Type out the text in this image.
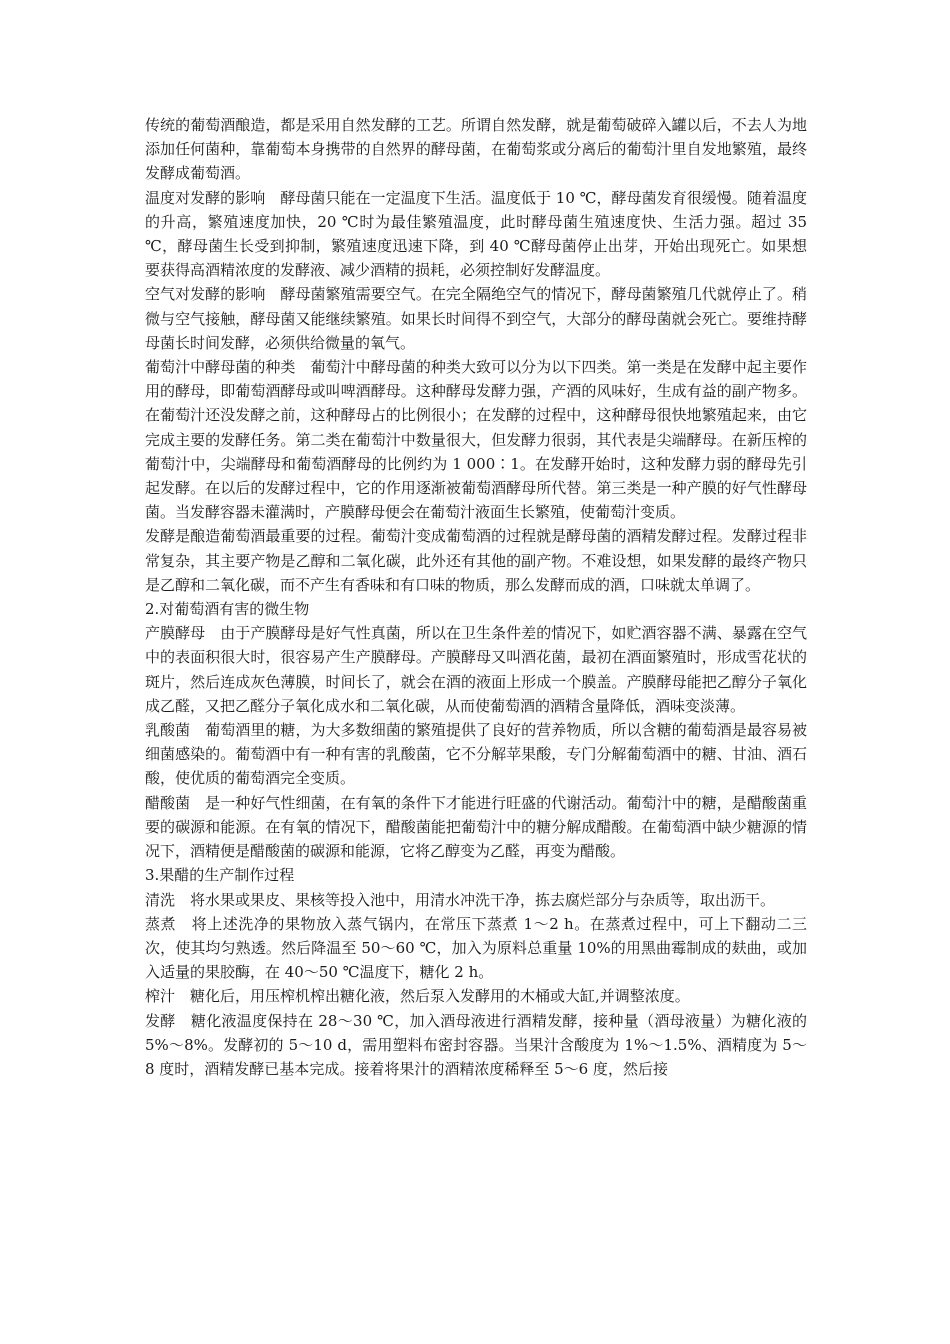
传统的葡萄酒酿造，都是采用自然发酵的工艺。所谓自然发酵，就是葡萄破碎入罐以后，不去人为地添加任何菌种，靠葡萄本身携带的自然界的酵母菌，在葡萄浆或分离后的葡萄汁里自发地繁殖，最终发酵成葡萄酒。

温度对发酵的影响　酵母菌只能在一定温度下生活。温度低于 10 ℃，酵母菌发育很缓慢。随着温度的升高，繁殖速度加快，20 ℃时为最佳繁殖温度，此时酵母菌生殖速度快、生活力强。超过 35 ℃，酵母菌生长受到抑制，繁殖速度迅速下降，到 40 ℃酵母菌停止出芽，开始出现死亡。如果想要获得高酒精浓度的发酵液、减少酒精的损耗，必须控制好发酵温度。

空气对发酵的影响　酵母菌繁殖需要空气。在完全隔绝空气的情况下，酵母菌繁殖几代就停止了。稍微与空气接触，酵母菌又能继续繁殖。如果长时间得不到空气，大部分的酵母菌就会死亡。要维持酵母菌长时间发酵，必须供给微量的氧气。

葡萄汁中酵母菌的种类　葡萄汁中酵母菌的种类大致可以分为以下四类。第一类是在发酵中起主要作用的酵母，即葡萄酒酵母或叫啤酒酵母。这种酵母发酵力强，产酒的风味好，生成有益的副产物多。在葡萄汁还没发酵之前，这种酵母占的比例很小；在发酵的过程中，这种酵母很快地繁殖起来，由它完成主要的发酵任务。第二类在葡萄汁中数量很大，但发酵力很弱，其代表是尖端酵母。在新压榨的葡萄汁中，尖端酵母和葡萄酒酵母的比例约为 1 000∶1。在发酵开始时，这种发酵力弱的酵母先引起发酵。在以后的发酵过程中，它的作用逐渐被葡萄酒酵母所代替。第三类是一种产膜的好气性酵母菌。当发酵容器未灌满时，产膜酵母便会在葡萄汁液面生长繁殖，使葡萄汁变质。

发酵是酿造葡萄酒最重要的过程。葡萄汁变成葡萄酒的过程就是酵母菌的酒精发酵过程。发酵过程非常复杂，其主要产物是乙醇和二氧化碳，此外还有其他的副产物。不难设想，如果发酵的最终产物只是乙醇和二氧化碳，而不产生有香味和有口味的物质，那么发酵而成的酒，口味就太单调了。

2.对葡萄酒有害的微生物

产膜酵母　由于产膜酵母是好气性真菌，所以在卫生条件差的情况下，如贮酒容器不满、暴露在空气中的表面积很大时，很容易产生产膜酵母。产膜酵母又叫酒花菌，最初在酒面繁殖时，形成雪花状的斑片，然后连成灰色薄膜，时间长了，就会在酒的液面上形成一个膜盖。产膜酵母能把乙醇分子氧化成乙醛，又把乙醛分子氧化成水和二氧化碳，从而使葡萄酒的酒精含量降低，酒味变淡薄。

乳酸菌　葡萄酒里的糖，为大多数细菌的繁殖提供了良好的营养物质，所以含糖的葡萄酒是最容易被细菌感染的。葡萄酒中有一种有害的乳酸菌，它不分解苹果酸，专门分解葡萄酒中的糖、甘油、酒石酸，使优质的葡萄酒完全变质。

醋酸菌　是一种好气性细菌，在有氧的条件下才能进行旺盛的代谢活动。葡萄汁中的糖，是醋酸菌重要的碳源和能源。在有氧的情况下，醋酸菌能把葡萄汁中的糖分解成醋酸。在葡萄酒中缺少糖源的情况下，酒精便是醋酸菌的碳源和能源，它将乙醇变为乙醛，再变为醋酸。

3.果醋的生产制作过程

清洗　将水果或果皮、果核等投入池中，用清水冲洗干净，拣去腐烂部分与杂质等，取出沥干。

蒸煮　将上述洗净的果物放入蒸气锅内，在常压下蒸煮 1～2 h。在蒸煮过程中，可上下翻动二三次，使其均匀熟透。然后降温至 50～60 ℃，加入为原料总重量 10%的用黑曲霉制成的麸曲，或加入适量的果胶酶，在 40～50 ℃温度下，糖化 2 h。

榨汁　糖化后，用压榨机榨出糖化液，然后泵入发酵用的木桶或大缸,并调整浓度。

发酵　糖化液温度保持在 28～30 ℃，加入酒母液进行酒精发酵，接种量（酒母液量）为糖化液的 5%～8%。发酵初的 5～10 d，需用塑料布密封容器。当果汁含酸度为 1%～1.5%、酒精度为 5～8 度时，酒精发酵已基本完成。接着将果汁的酒精浓度稀释至 5～6 度，然后接
